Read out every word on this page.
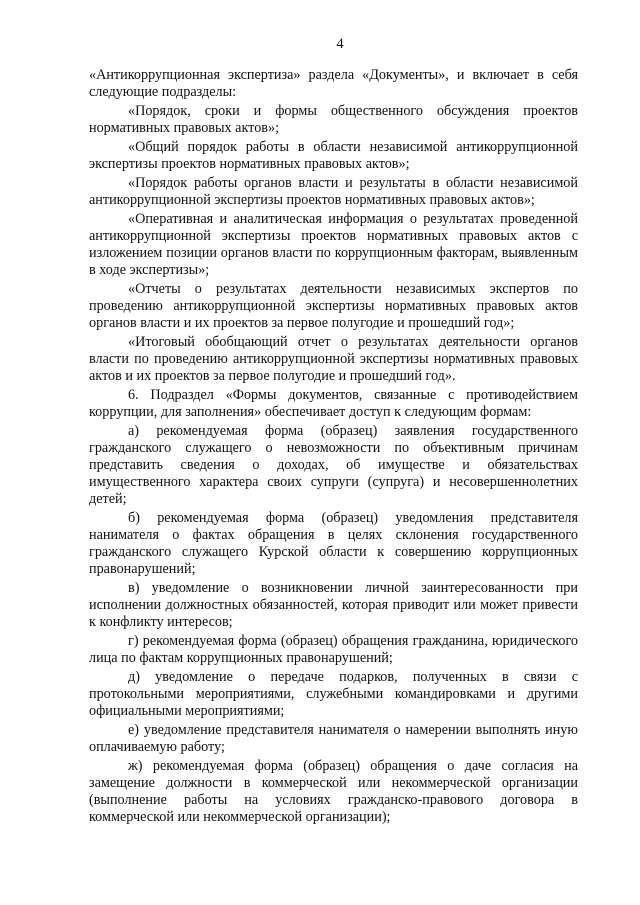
4

«Антикоррупционная экспертиза» раздела «Документы», и включает в себя следующие подразделы:

«Порядок, сроки и формы общественного обсуждения проектов нормативных правовых актов»;

«Общий порядок работы в области независимой антикоррупционной экспертизы проектов нормативных правовых актов»;

«Порядок работы органов власти и результаты в области независимой антикоррупционной экспертизы проектов нормативных правовых актов»;

«Оперативная и аналитическая информация о результатах проведенной антикоррупционной экспертизы проектов нормативных правовых актов с изложением позиции органов власти по коррупционным факторам, выявленным в ходе экспертизы»;

«Отчеты о результатах деятельности независимых экспертов по проведению антикоррупционной экспертизы нормативных правовых актов органов власти и их проектов за первое полугодие и прошедший год»;

«Итоговый обобщающий отчет о результатах деятельности органов власти по проведению антикоррупционной экспертизы нормативных правовых актов и их проектов за первое полугодие и прошедший год».

6. Подраздел «Формы документов, связанные с противодействием коррупции, для заполнения» обеспечивает доступ к следующим формам:

а) рекомендуемая форма (образец) заявления государственного гражданского служащего о невозможности по объективным причинам представить сведения о доходах, об имуществе и обязательствах имущественного характера своих супруги (супруга) и несовершеннолетних детей;

б) рекомендуемая форма (образец) уведомления представителя нанимателя о фактах обращения в целях склонения государственного гражданского служащего Курской области к совершению коррупционных правонарушений;

в) уведомление о возникновении личной заинтересованности при исполнении должностных обязанностей, которая приводит или может привести к конфликту интересов;

г) рекомендуемая форма (образец) обращения гражданина, юридического лица по фактам коррупционных правонарушений;

д) уведомление о передаче подарков, полученных в связи с протокольными мероприятиями, служебными командировками и другими официальными мероприятиями;

е) уведомление представителя нанимателя о намерении выполнять иную оплачиваемую работу;

ж) рекомендуемая форма (образец) обращения о даче согласия на замещение должности в коммерческой или некоммерческой организации (выполнение работы на условиях гражданско-правового договора в коммерческой или некоммерческой организации);
